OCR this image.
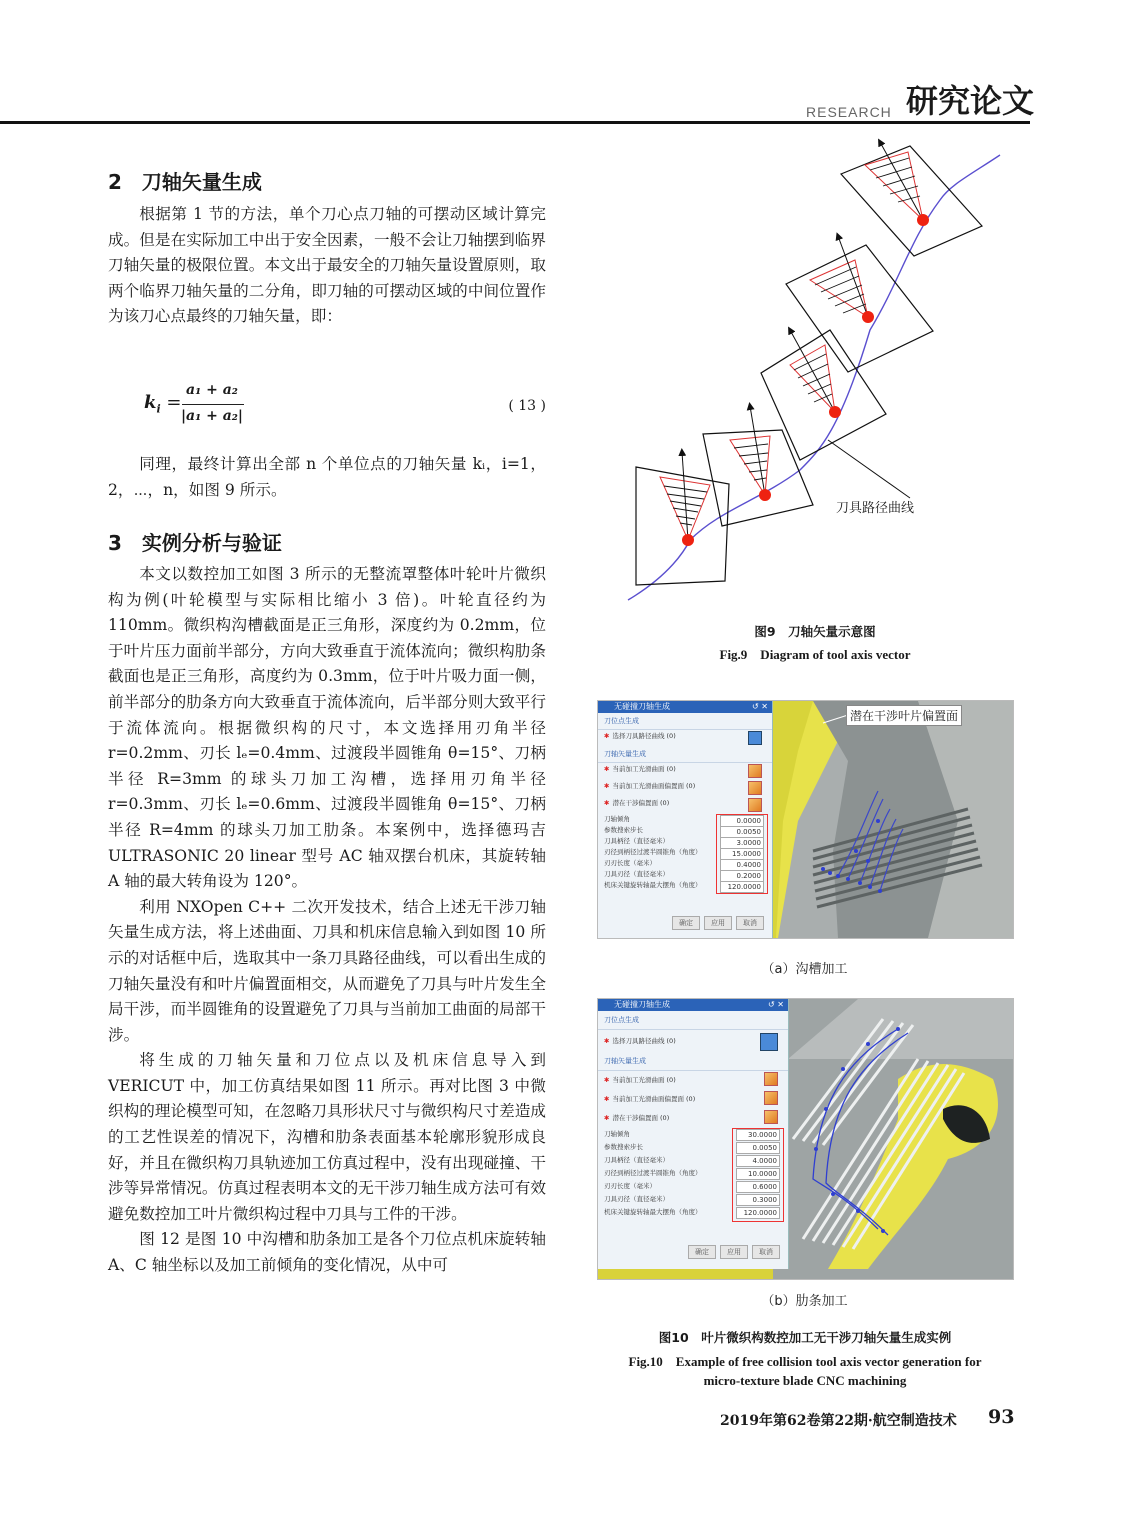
RESEARCH 研究论文
2　刀轴矢量生成

根据第 1 节的方法，单个刀心点刀轴的可摆动区域计算完成。但是在实际加工中出于安全因素，一般不会让刀轴摆到临界刀轴矢量的极限位置。本文出于最安全的刀轴矢量设置原则，取两个临界刀轴矢量的二分角，即刀轴的可摆动区域的中间位置作为该刀心点最终的刀轴矢量，即：

$k_i$ =
a₁ + a₂
|a₁ + a₂|
( 13 )

同理，最终计算出全部 n 个单位点的刀轴矢量 kᵢ，i=1，2，⋯，n，如图 9 所示。

3　实例分析与验证

本文以数控加工如图 3 所示的无整流罩整体叶轮叶片微织构为例(叶轮模型与实际相比缩小 3 倍)。叶轮直径约为 110mm。微织构沟槽截面是正三角形，深度约为 0.2mm，位于叶片压力面前半部分，方向大致垂直于流体流向；微织构肋条截面也是正三角形，高度约为 0.3mm，位于叶片吸力面一侧，前半部分的肋条方向大致垂直于流体流向，后半部分则大致平行于流体流向。根据微织构的尺寸，本文选择用刃角半径 r=0.2mm、刃长 lₑ=0.4mm、过渡段半圆锥角 θ=15°、刀柄半径 R=3mm 的球头刀加工沟槽，选择用刃角半径 r=0.3mm、刃长 lₑ=0.6mm、过渡段半圆锥角 θ=15°、刀柄半径 R=4mm 的球头刀加工肋条。本案例中，选择德玛吉 ULTRASONIC 20 linear 型号 AC 轴双摆台机床，其旋转轴 A 轴的最大转角设为 120°。

利用 NXOpen C++ 二次开发技术，结合上述无干涉刀轴矢量生成方法，将上述曲面、刀具和机床信息输入到如图 10 所示的对话框中后，选取其中一条刀具路径曲线，可以看出生成的刀轴矢量没有和叶片偏置面相交，从而避免了刀具与叶片发生全局干涉，而半圆锥角的设置避免了刀具与当前加工曲面的局部干涉。

将生成的刀轴矢量和刀位点以及机床信息导入到 VERICUT 中，加工仿真结果如图 11 所示。再对比图 3 中微织构的理论模型可知，在忽略刀具形状尺寸与微织构尺寸差造成的工艺性误差的情况下，沟槽和肋条表面基本轮廓形貌形成良好，并且在微织构刀具轨迹加工仿真过程中，没有出现碰撞、干涉等异常情况。仿真过程表明本文的无干涉刀轴生成方法可有效避免数控加工叶片微织构过程中刀具与工件的干涉。

图 12 是图 10 中沟槽和肋条加工是各个刀位点机床旋转轴 A、C 轴坐标以及加工前倾角的变化情况，从中可

刀具路径曲线
图9　刀轴矢量示意图
Fig.9　Diagram of tool axis vector
潜在干涉叶片偏置面
无碰撞刀轴生成	↺ ✕
刀位点生成
✱ 选择刀具路径曲线 (0)
刀轴矢量生成
✱ 当前加工光滑曲面 (0)
✱ 当前加工光滑曲面偏置面 (0)
✱ 潜在干涉偏置面 (0)
刀轴倾角	0.0000
参数搜索步长	0.0050
刀具柄径（直径毫米）	3.0000
刃径到柄径过渡半圆锥角（角度）	15.0000
刃刃长度（毫米）	0.4000
刀具刃径（直径毫米）	0.2000
机床关键旋转轴最大摆角（角度）	120.0000
确定	应用	取消
（a）沟槽加工
无碰撞刀轴生成	↺ ✕
刀位点生成
✱ 选择刀具路径曲线 (0)
刀轴矢量生成
✱ 当前加工光滑曲面 (0)
✱ 当前加工光滑曲面偏置面 (0)
✱ 潜在干涉偏置面 (0)
刀轴倾角	30.0000
参数搜索步长	0.0050
刀具柄径（直径毫米）	4.0000
刃径到柄径过渡半圆锥角（角度）	10.0000
刃刃长度（毫米）	0.6000
刀具刃径（直径毫米）	0.3000
机床关键旋转轴最大摆角（角度）	120.0000
确定	应用	取消
（b）肋条加工
图10　叶片微织构数控加工无干涉刀轴矢量生成实例
Fig.10　Example of free collision tool axis vector generation for
micro-texture blade CNC machining
2019年第62卷第22期·航空制造技术 93
